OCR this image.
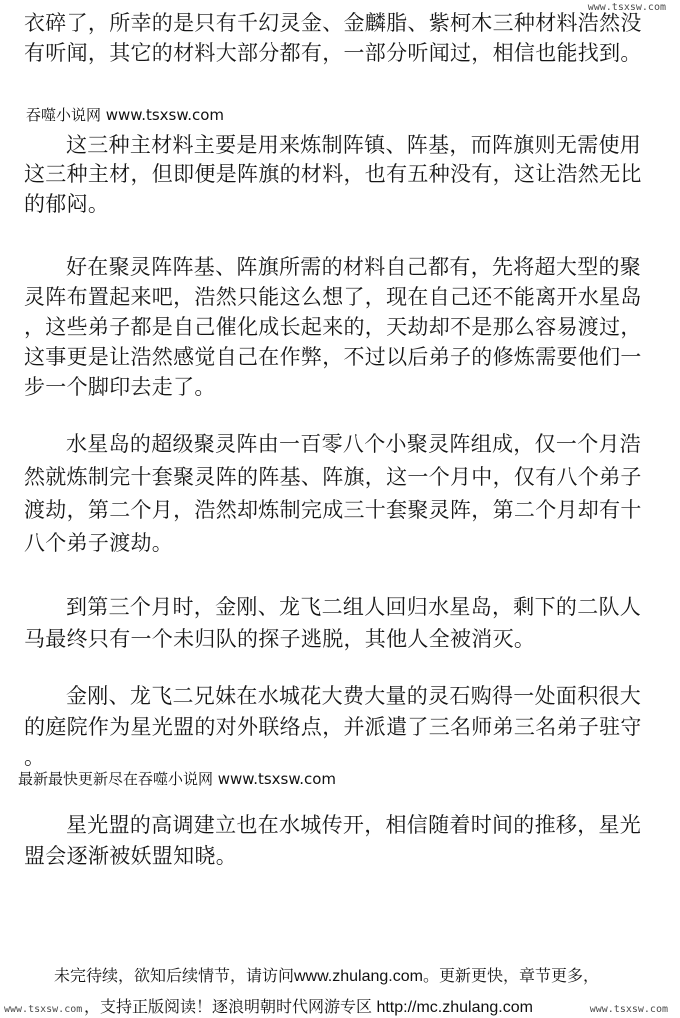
www.tsxsw.com
衣碎了，所幸的是只有千幻灵金、金麟脂、紫柯木三种材料浩然没
有听闻，其它的材料大部分都有，一部分听闻过，相信也能找到。
吞噬小说网 www.tsxsw.com
这三种主材料主要是用来炼制阵镇、阵基，而阵旗则无需使用
这三种主材，但即便是阵旗的材料，也有五种没有，这让浩然无比
的郁闷。
好在聚灵阵阵基、阵旗所需的材料自己都有，先将超大型的聚
灵阵布置起来吧，浩然只能这么想了，现在自己还不能离开水星岛
，这些弟子都是自己催化成长起来的，天劫却不是那么容易渡过，
这事更是让浩然感觉自己在作弊，不过以后弟子的修炼需要他们一
步一个脚印去走了。
水星岛的超级聚灵阵由一百零八个小聚灵阵组成，仅一个月浩
然就炼制完十套聚灵阵的阵基、阵旗，这一个月中，仅有八个弟子
渡劫，第二个月，浩然却炼制完成三十套聚灵阵，第二个月却有十
八个弟子渡劫。
到第三个月时，金刚、龙飞二组人回归水星岛，剩下的二队人
马最终只有一个未归队的探子逃脱，其他人全被消灭。
金刚、龙飞二兄妹在水城花大费大量的灵石购得一处面积很大
的庭院作为星光盟的对外联络点，并派遣了三名师弟三名弟子驻守
。
最新最快更新尽在吞噬小说网 www.tsxsw.com
星光盟的高调建立也在水城传开，相信随着时间的推移，星光
盟会逐渐被妖盟知晓。
未完待续，欲知后续情节，请访问www.zhulang.com。更新更快，章节更多，
，支持正版阅读！逐浪明朝时代网游专区 http://mc.zhulang.com
www.tsxsw.com	www.tsxsw.com
